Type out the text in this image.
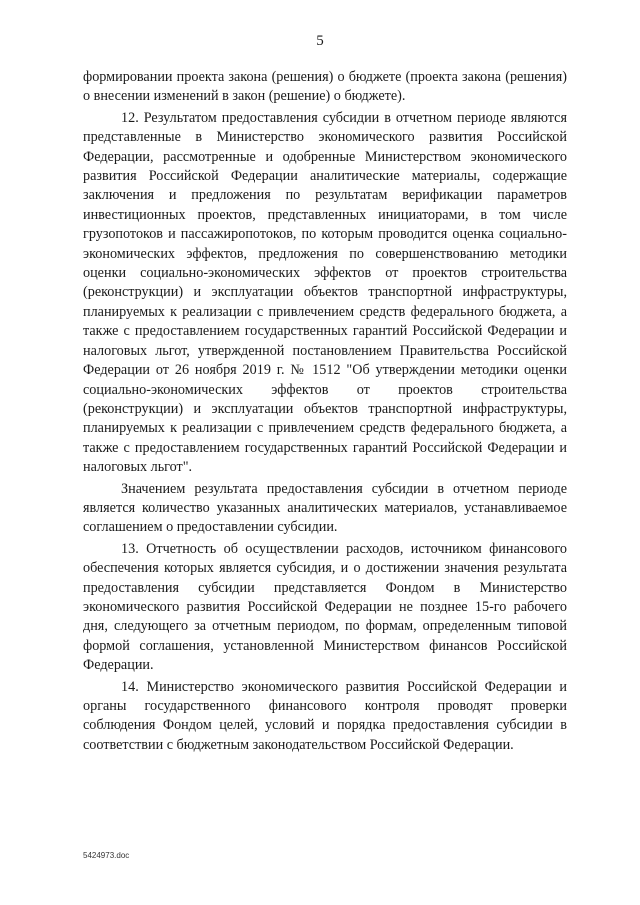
5

формировании проекта закона (решения) о бюджете (проекта закона (решения) о внесении изменений в закон (решение) о бюджете).

12. Результатом предоставления субсидии в отчетном периоде являются представленные в Министерство экономического развития Российской Федерации, рассмотренные и одобренные Министерством экономического развития Российской Федерации аналитические материалы, содержащие заключения и предложения по результатам верификации параметров инвестиционных проектов, представленных инициаторами, в том числе грузопотоков и пассажиропотоков, по которым проводится оценка социально-экономических эффектов, предложения по совершенствованию методики оценки социально-экономических эффектов от проектов строительства (реконструкции) и эксплуатации объектов транспортной инфраструктуры, планируемых к реализации с привлечением средств федерального бюджета, а также с предоставлением государственных гарантий Российской Федерации и налоговых льгот, утвержденной постановлением Правительства Российской Федерации от 26 ноября 2019 г. № 1512 "Об утверждении методики оценки социально-экономических эффектов от проектов строительства (реконструкции) и эксплуатации объектов транспортной инфраструктуры, планируемых к реализации с привлечением средств федерального бюджета, а также с предоставлением государственных гарантий Российской Федерации и налоговых льгот".

Значением результата предоставления субсидии в отчетном периоде является количество указанных аналитических материалов, устанавливаемое соглашением о предоставлении субсидии.

13. Отчетность об осуществлении расходов, источником финансового обеспечения которых является субсидия, и о достижении значения результата предоставления субсидии представляется Фондом в Министерство экономического развития Российской Федерации не позднее 15-го рабочего дня, следующего за отчетным периодом, по формам, определенным типовой формой соглашения, установленной Министерством финансов Российской Федерации.

14. Министерство экономического развития Российской Федерации и органы государственного финансового контроля проводят проверки соблюдения Фондом целей, условий и порядка предоставления субсидии в соответствии с бюджетным законодательством Российской Федерации.

5424973.doc
